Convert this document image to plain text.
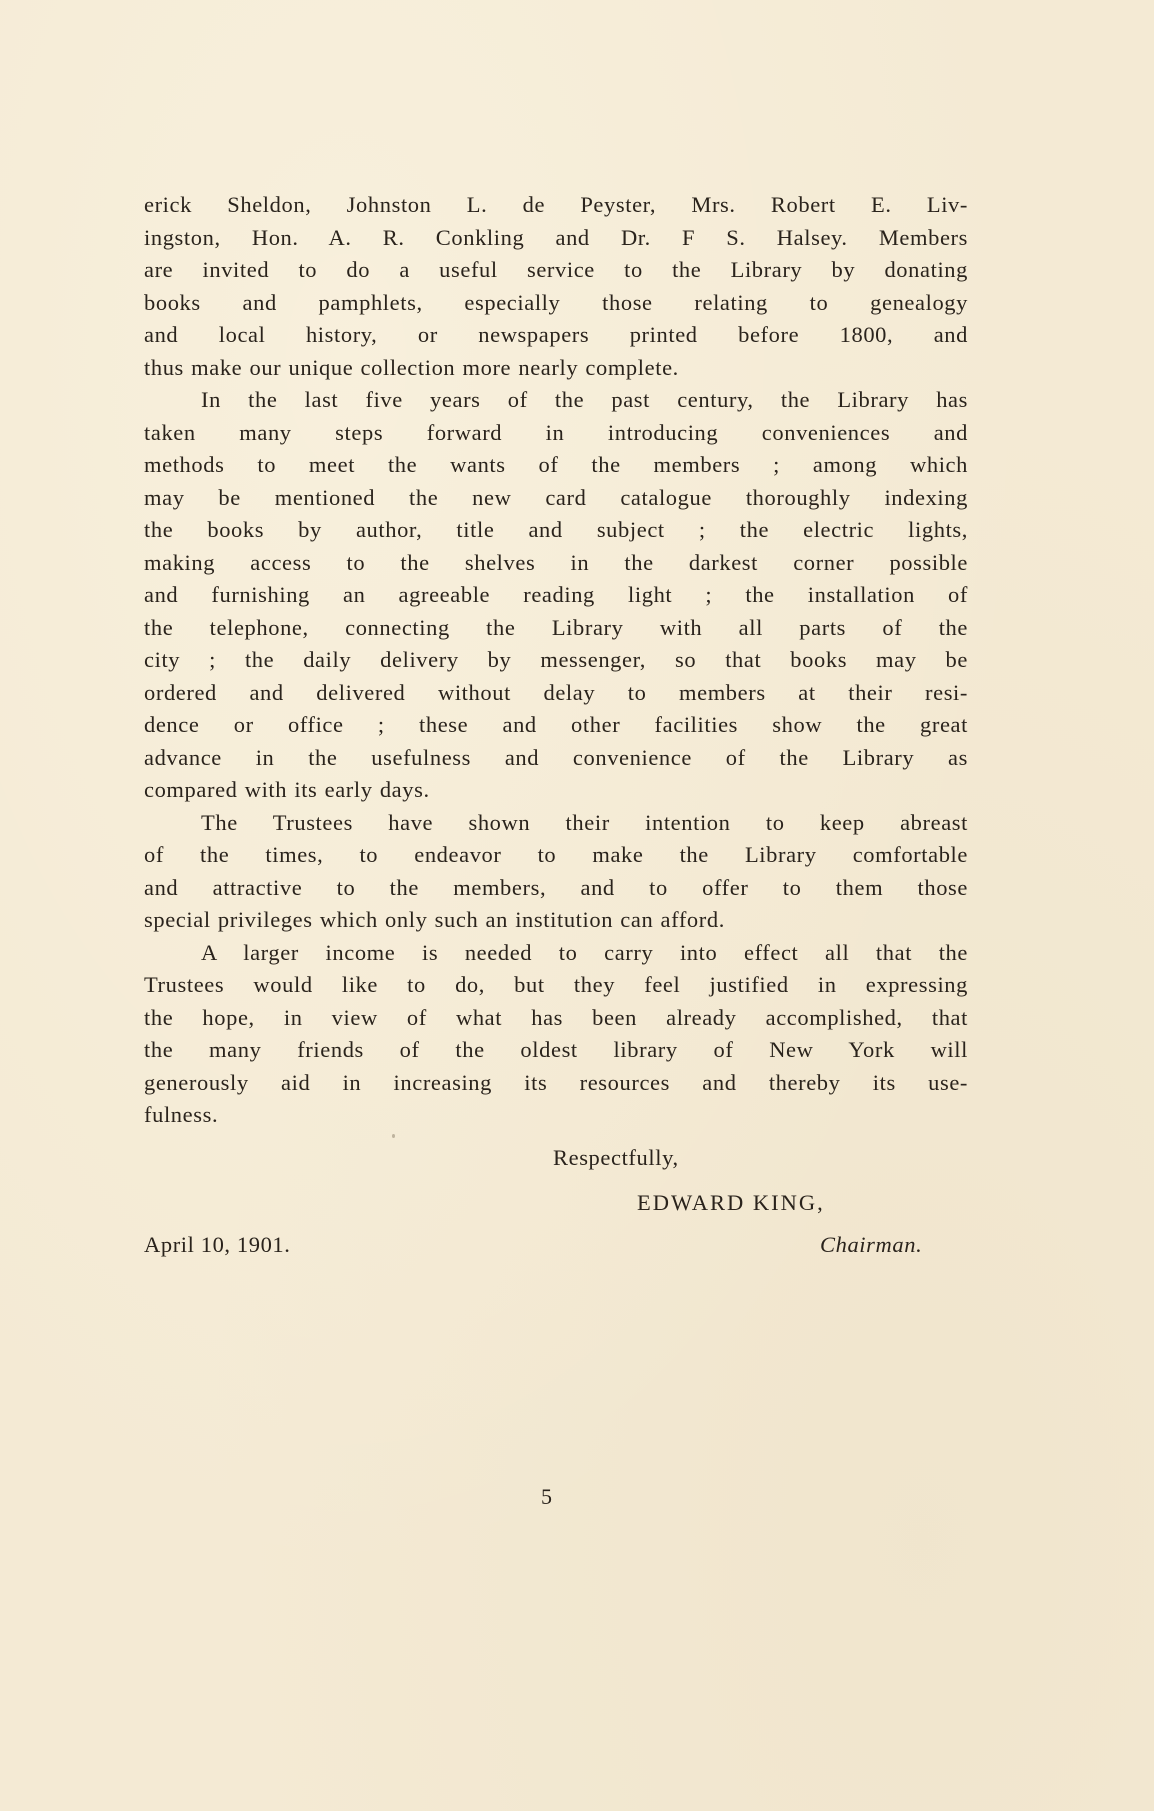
erick Sheldon, Johnston L. de Peyster, Mrs. Robert E. Liv-
ingston, Hon. A. R. Conkling and Dr. F S. Halsey. Members
are invited to do a useful service to the Library by donating
books and pamphlets, especially those relating to genealogy
and local history, or newspapers printed before 1800, and
thus make our unique collection more nearly complete.
In the last five years of the past century, the Library has
taken many steps forward in introducing conveniences and
methods to meet the wants of the members ; among which
may be mentioned the new card catalogue thoroughly indexing
the books by author, title and subject ; the electric lights,
making access to the shelves in the darkest corner possible
and furnishing an agreeable reading light ; the installation of
the telephone, connecting the Library with all parts of the
city ; the daily delivery by messenger, so that books may be
ordered and delivered without delay to members at their resi-
dence or office ; these and other facilities show the great
advance in the usefulness and convenience of the Library as
compared with its early days.
The Trustees have shown their intention to keep abreast
of the times, to endeavor to make the Library comfortable
and attractive to the members, and to offer to them those
special privileges which only such an institution can afford.
A larger income is needed to carry into effect all that the
Trustees would like to do, but they feel justified in expressing
the hope, in view of what has been already accomplished, that
the many friends of the oldest library of New York will
generously aid in increasing its resources and thereby its use-
fulness.
Respectfully,
EDWARD KING,
April 10, 1901.	Chairman.
5
